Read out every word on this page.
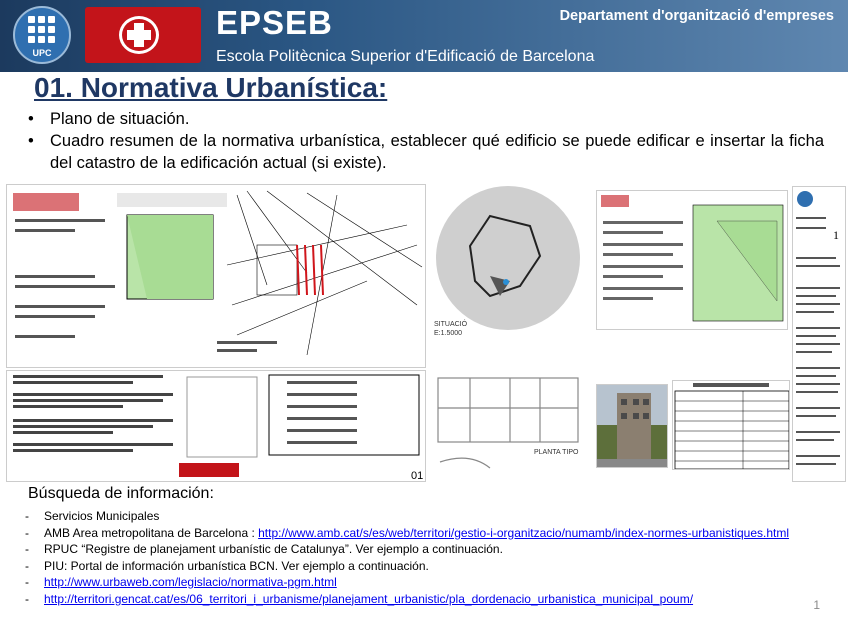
UPC
EPSEB
Escola Politècnica Superior d'Edificació de Barcelona
Departament d'organització d'empreses
01. Normativa Urbanística:
• Plano de situación.
• Cuadro resumen de la normativa urbanística, establecer qué edificio se puede edificar e insertar la ficha del catastro de la edificación actual (si existe).
01
SITUACIÓ
E:1.5000
1
PLANTA TIPO
Búsqueda de información:
- Servicios Municipales
- AMB Area metropolitana de Barcelona : http://www.amb.cat/s/es/web/territori/gestio-i-organitzacio/numamb/index-normes-urbanistiques.html
- RPUC “Registre de planejament urbanístic de Catalunya”. Ver ejemplo a continuación.
- PIU: Portal de información urbanística BCN. Ver ejemplo a continuación.
- http://www.urbaweb.com/legislacio/normativa-pgm.html
- http://territori.gencat.cat/es/06_territori_i_urbanisme/planejament_urbanistic/pla_dordenacio_urbanistica_municipal_poum/	1
